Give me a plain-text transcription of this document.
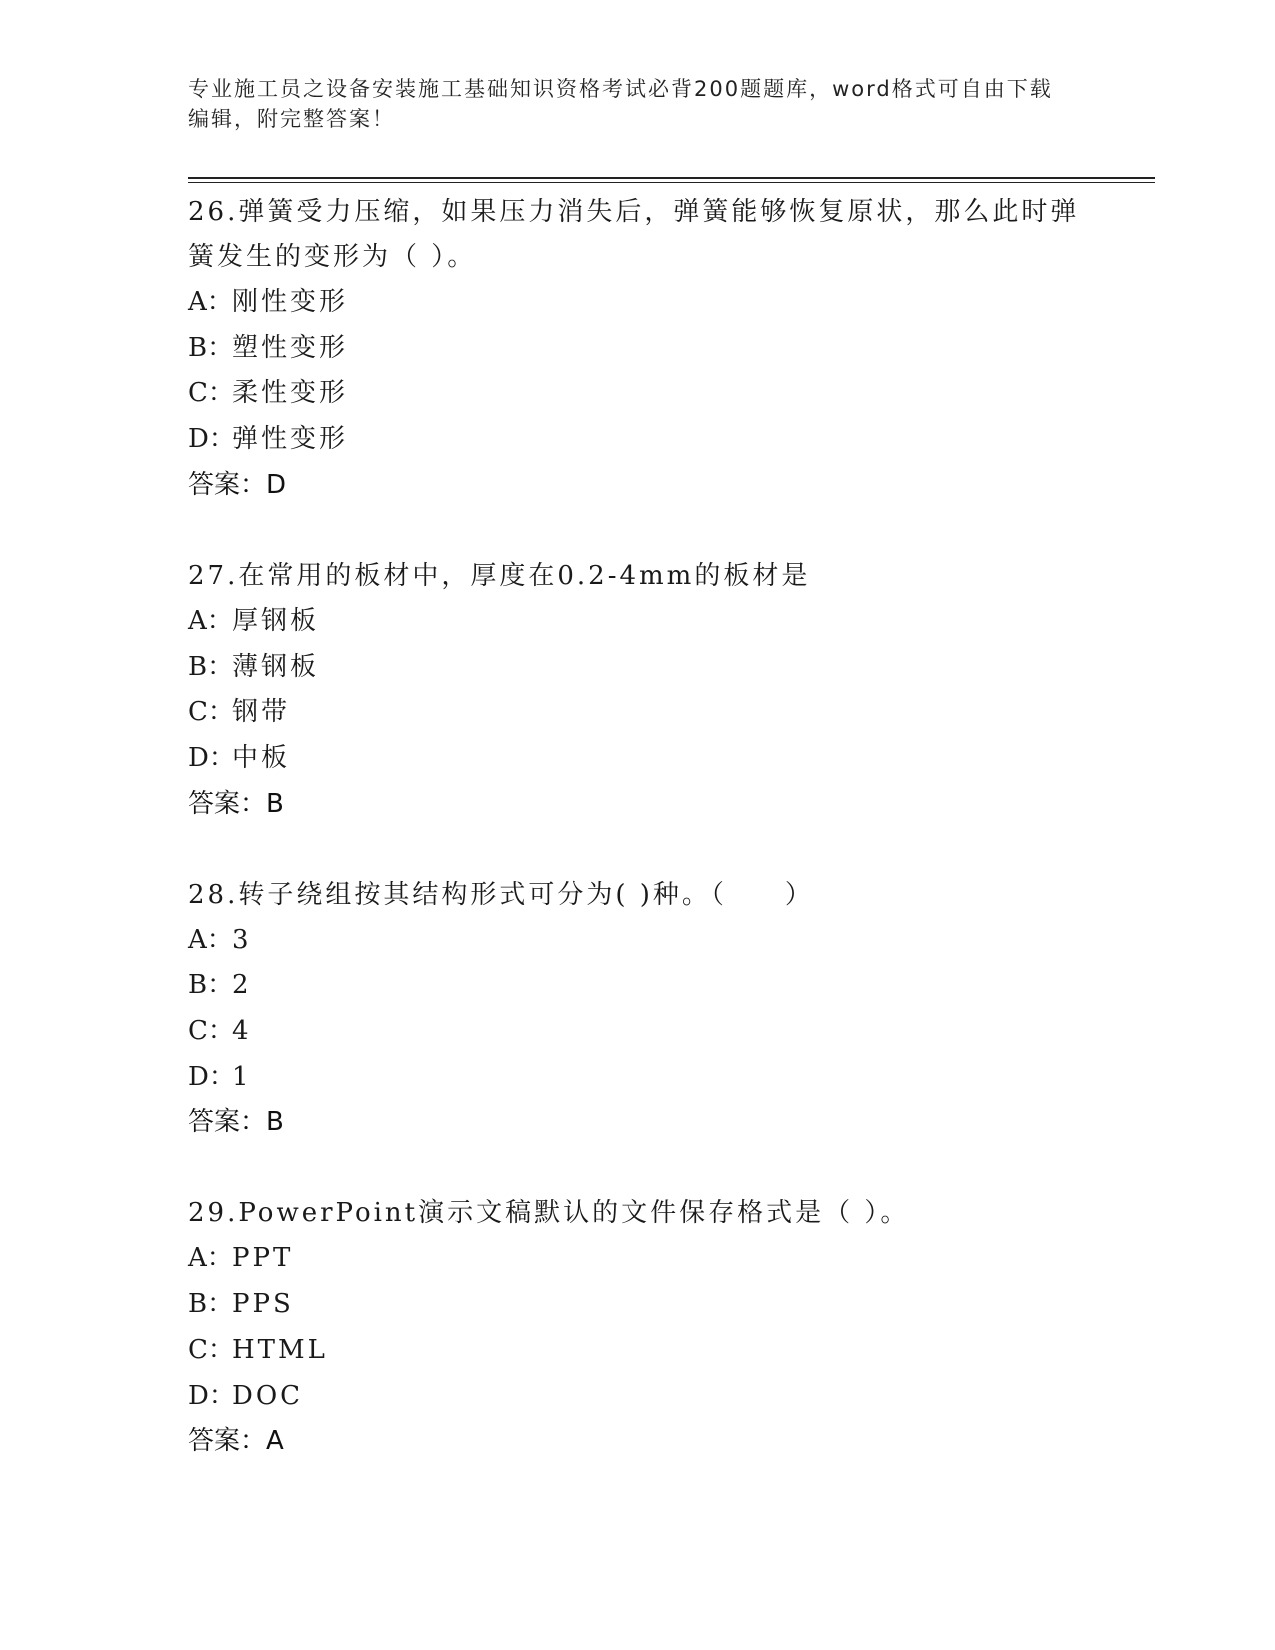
专业施工员之设备安装施工基础知识资格考试必背200题题库，word格式可自由下载编辑，附完整答案！
26.弹簧受力压缩，如果压力消失后，弹簧能够恢复原状，那么此时弹
簧发生的变形为（ ）。
A：刚性变形
B：塑性变形
C：柔性变形
D：弹性变形
答案：D
27.在常用的板材中，厚度在0.2-4mm的板材是
A：厚钢板
B：薄钢板
C：钢带
D：中板
答案：B
28.转子绕组按其结构形式可分为( )种。（　　）
A：3
B：2
C：4
D：1
答案：B
29.PowerPoint演示文稿默认的文件保存格式是（ ）。
A：PPT
B：PPS
C：HTML
D：DOC
答案：A
